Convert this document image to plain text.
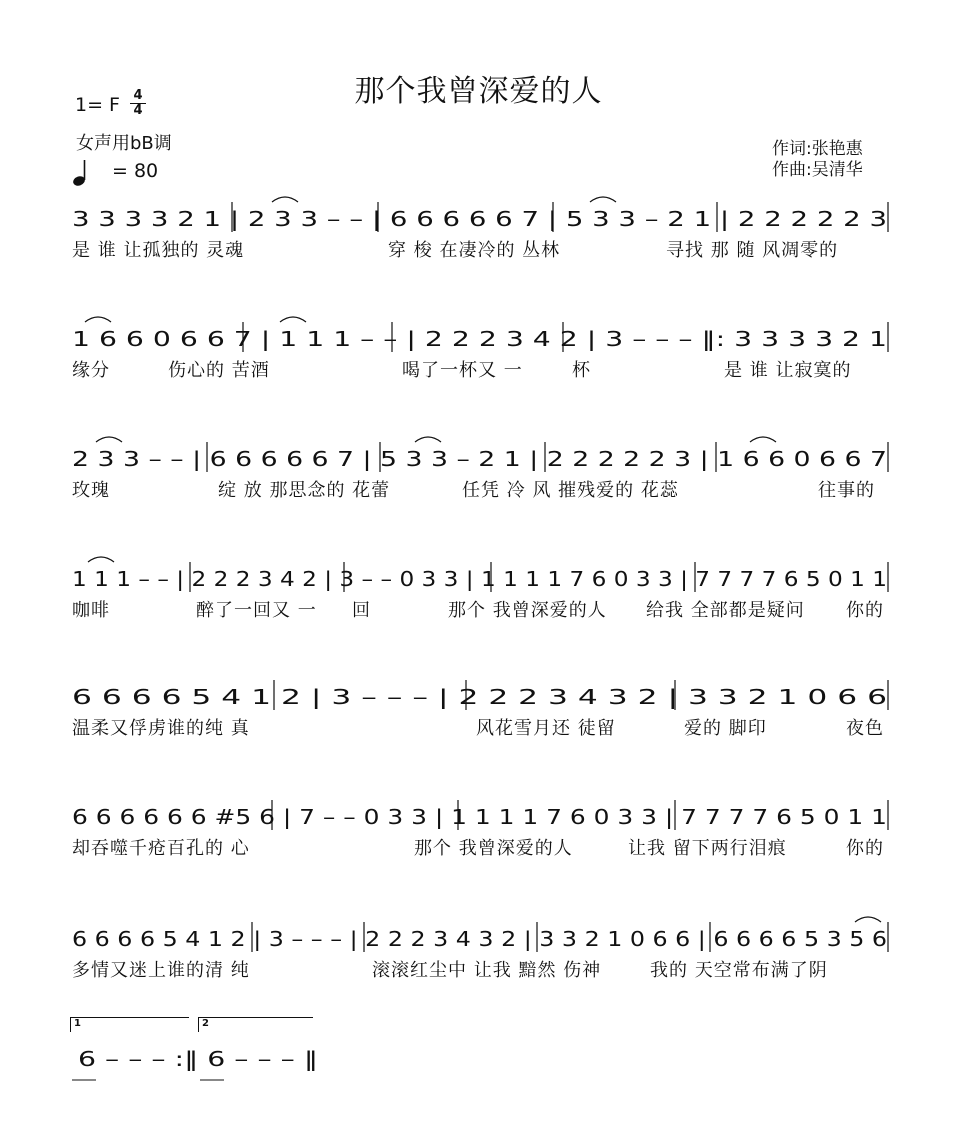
那个我曾深爱的人
1= F 4
4
女声用bB调
= 80
作词:张艳惠
作曲:吴清华
3 3 3 3 2 1 | 2 3 3 – – | 6 6 6 6 6 7 | 5 3 3 – 2 1 | 2 2 2 2 2 3
是 谁 让孤独的 灵魂	穿 梭 在凄冷的 丛林	寻找 那 随 风凋零的
1 6 6 0 6 6 7 | 1 1 1 – – | 2 2 2 3 4 2 | 3 – – – ‖: 3 3 3 3 2 1
缘分	伤心的 苦酒	喝了一杯又 一	杯	是 谁 让寂寞的
2 3 3 – – | 6 6 6 6 6 7 | 5 3 3 – 2 1 | 2 2 2 2 2 3 | 1 6 6 0 6 6 7
玫瑰	绽 放 那思念的 花蕾	任凭 冷 风 摧残爱的 花蕊	往事的
1 1 1 – – | 2 2 2 3 4 2 | 3 – – 0 3 3 | 1 1 1 1 7 6 0 3 3 | 7 7 7 7 6 5 0 1 1
咖啡	醉了一回又 一 回	那个 我曾深爱的人 给我 全部都是疑问 你的
6 6 6 6 5 4 1 2 | 3 – – – | 2 2 2 3 4 3 2 | 3 3 2 1 0 6 6
温柔又俘虏谁的纯 真	风花雪月还 徒留	爱的 脚印	夜色
6 6 6 6 6 6 #5 6 | 7 – – 0 3 3 | 1 1 1 1 7 6 0 3 3 | 7 7 7 7 6 5 0 1 1
却吞噬千疮百孔的 心	那个 我曾深爱的人	让我 留下两行泪痕	你的
6 6 6 6 5 4 1 2 | 3 – – – | 2 2 2 3 4 3 2 | 3 3 2 1 0 6 6 | 6 6 6 6 5 3 5 6
多情又迷上谁的清 纯	滚滚红尘中 让我 黯然 伤神	我的 天空常布满了阴
1	2
6 – – – :‖ 6 – – – ‖
